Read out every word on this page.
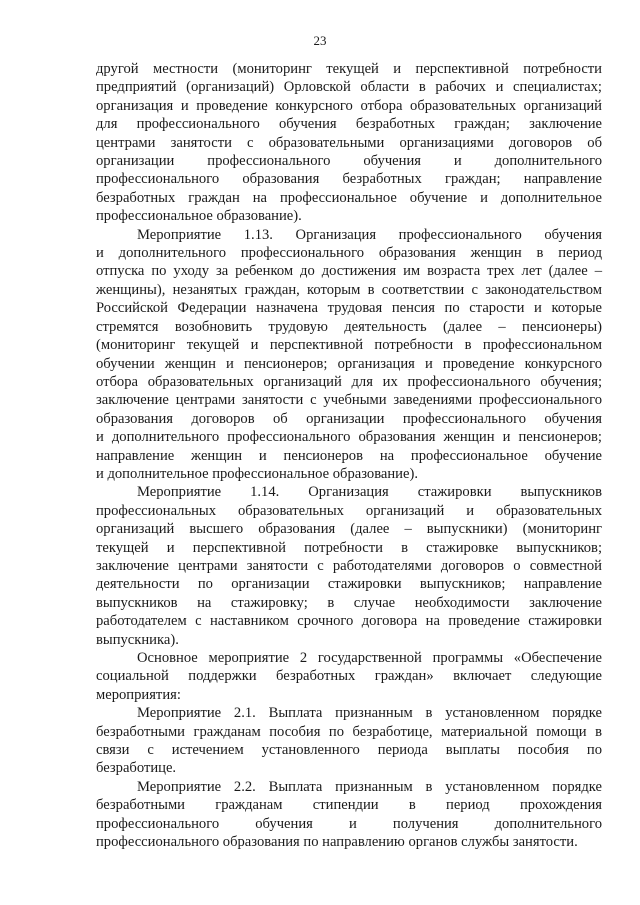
23
другой местности (мониторинг текущей и перспективной потребности
предприятий (организаций) Орловской области в рабочих и специалистах;
организация и проведение конкурсного отбора образовательных организаций
для профессионального обучения безработных граждан; заключение
центрами занятости с образовательными организациями договоров об
организации профессионального обучения и дополнительного
профессионального образования безработных граждан; направление
безработных граждан на профессиональное обучение и дополнительное
профессиональное образование).
Мероприятие 1.13. Организация профессионального обучения
и дополнительного профессионального образования женщин в период
отпуска по уходу за ребенком до достижения им возраста трех лет (далее –
женщины), незанятых граждан, которым в соответствии с законодательством
Российской Федерации назначена трудовая пенсия по старости и которые
стремятся возобновить трудовую деятельность (далее – пенсионеры)
(мониторинг текущей и перспективной потребности в профессиональном
обучении женщин и пенсионеров; организация и проведение конкурсного
отбора образовательных организаций для их профессионального обучения;
заключение центрами занятости с учебными заведениями профессионального
образования договоров об организации профессионального обучения
и дополнительного профессионального образования женщин и пенсионеров;
направление женщин и пенсионеров на профессиональное обучение
и дополнительное профессиональное образование).
Мероприятие 1.14. Организация стажировки выпускников
профессиональных образовательных организаций и образовательных
организаций высшего образования (далее – выпускники) (мониторинг
текущей и перспективной потребности в стажировке выпускников;
заключение центрами занятости с работодателями договоров о совместной
деятельности по организации стажировки выпускников; направление
выпускников на стажировку; в случае необходимости заключение
работодателем с наставником срочного договора на проведение стажировки
выпускника).
Основное мероприятие 2 государственной программы «Обеспечение
социальной поддержки безработных граждан» включает следующие
мероприятия:
Мероприятие 2.1. Выплата признанным в установленном порядке
безработными гражданам пособия по безработице, материальной помощи в
связи с истечением установленного периода выплаты пособия по
безработице.
Мероприятие 2.2. Выплата признанным в установленном порядке
безработными гражданам стипендии в период прохождения
профессионального обучения и получения дополнительного
профессионального образования по направлению органов службы занятости.
